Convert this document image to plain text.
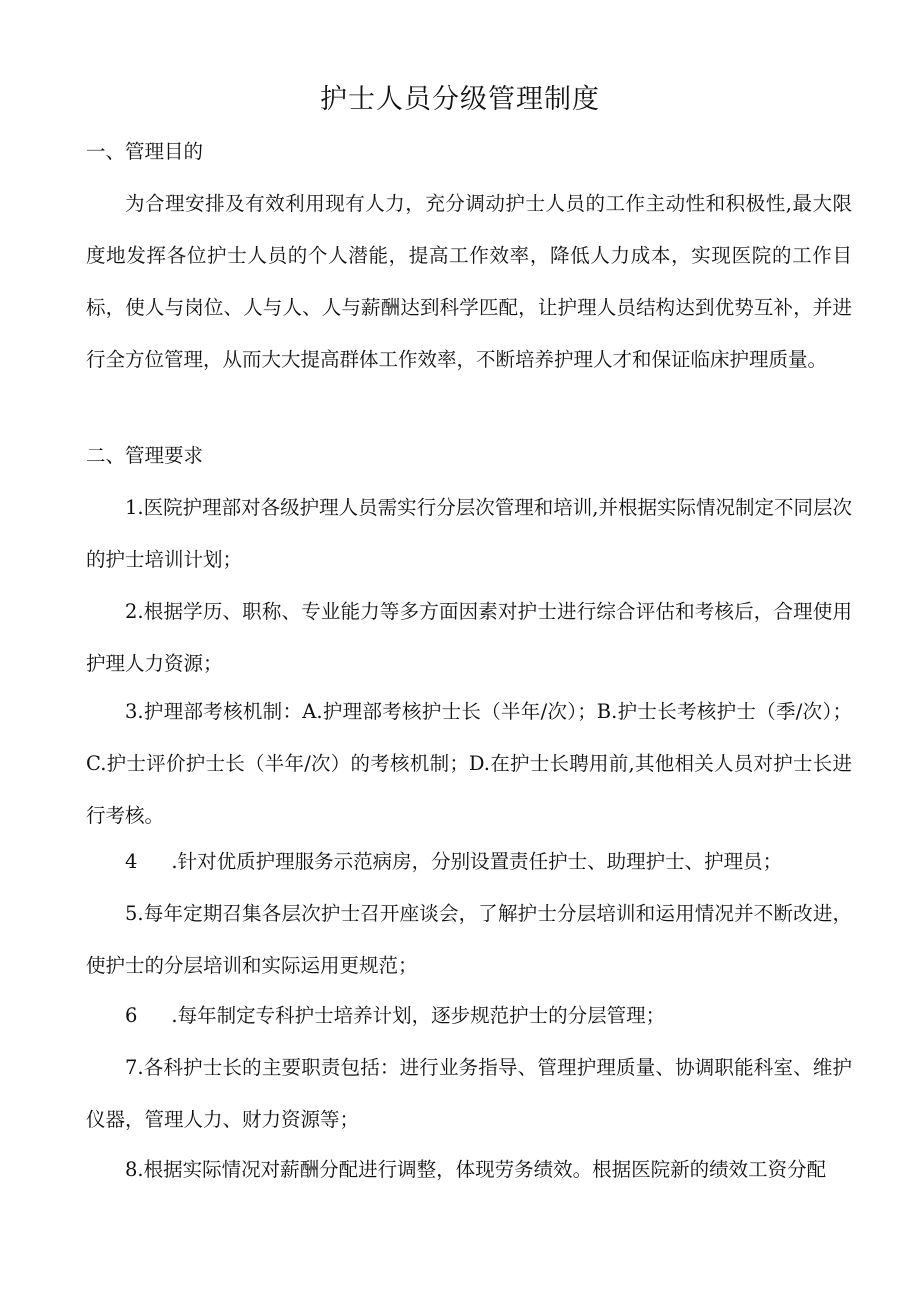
护士人员分级管理制度
一、管理目的

为合理安排及有效利用现有人力，充分调动护士人员的工作主动性和积极性,最大限度地发挥各位护士人员的个人潜能，提高工作效率，降低人力成本，实现医院的工作目标，使人与岗位、人与人、人与薪酬达到科学匹配，让护理人员结构达到优势互补，并进行全方位管理，从而大大提高群体工作效率，不断培养护理人才和保证临床护理质量。

二、管理要求

1.医院护理部对各级护理人员需实行分层次管理和培训,并根据实际情况制定不同层次的护士培训计划；

2.根据学历、职称、专业能力等多方面因素对护士进行综合评估和考核后，合理使用护理人力资源；

3.护理部考核机制：A.护理部考核护士长（半年/次）；B.护士长考核护士（季/次）；C.护士评价护士长（半年/次）的考核机制；D.在护士长聘用前,其他相关人员对护士长进行考核。

4 .针对优质护理服务示范病房，分别设置责任护士、助理护士、护理员；

5.每年定期召集各层次护士召开座谈会，了解护士分层培训和运用情况并不断改进，使护士的分层培训和实际运用更规范；

6 .每年制定专科护士培养计划，逐步规范护士的分层管理；

7.各科护士长的主要职责包括：进行业务指导、管理护理质量、协调职能科室、维护仪器，管理人力、财力资源等；

8.根据实际情况对薪酬分配进行调整，体现劳务绩效。根据医院新的绩效工资分配
